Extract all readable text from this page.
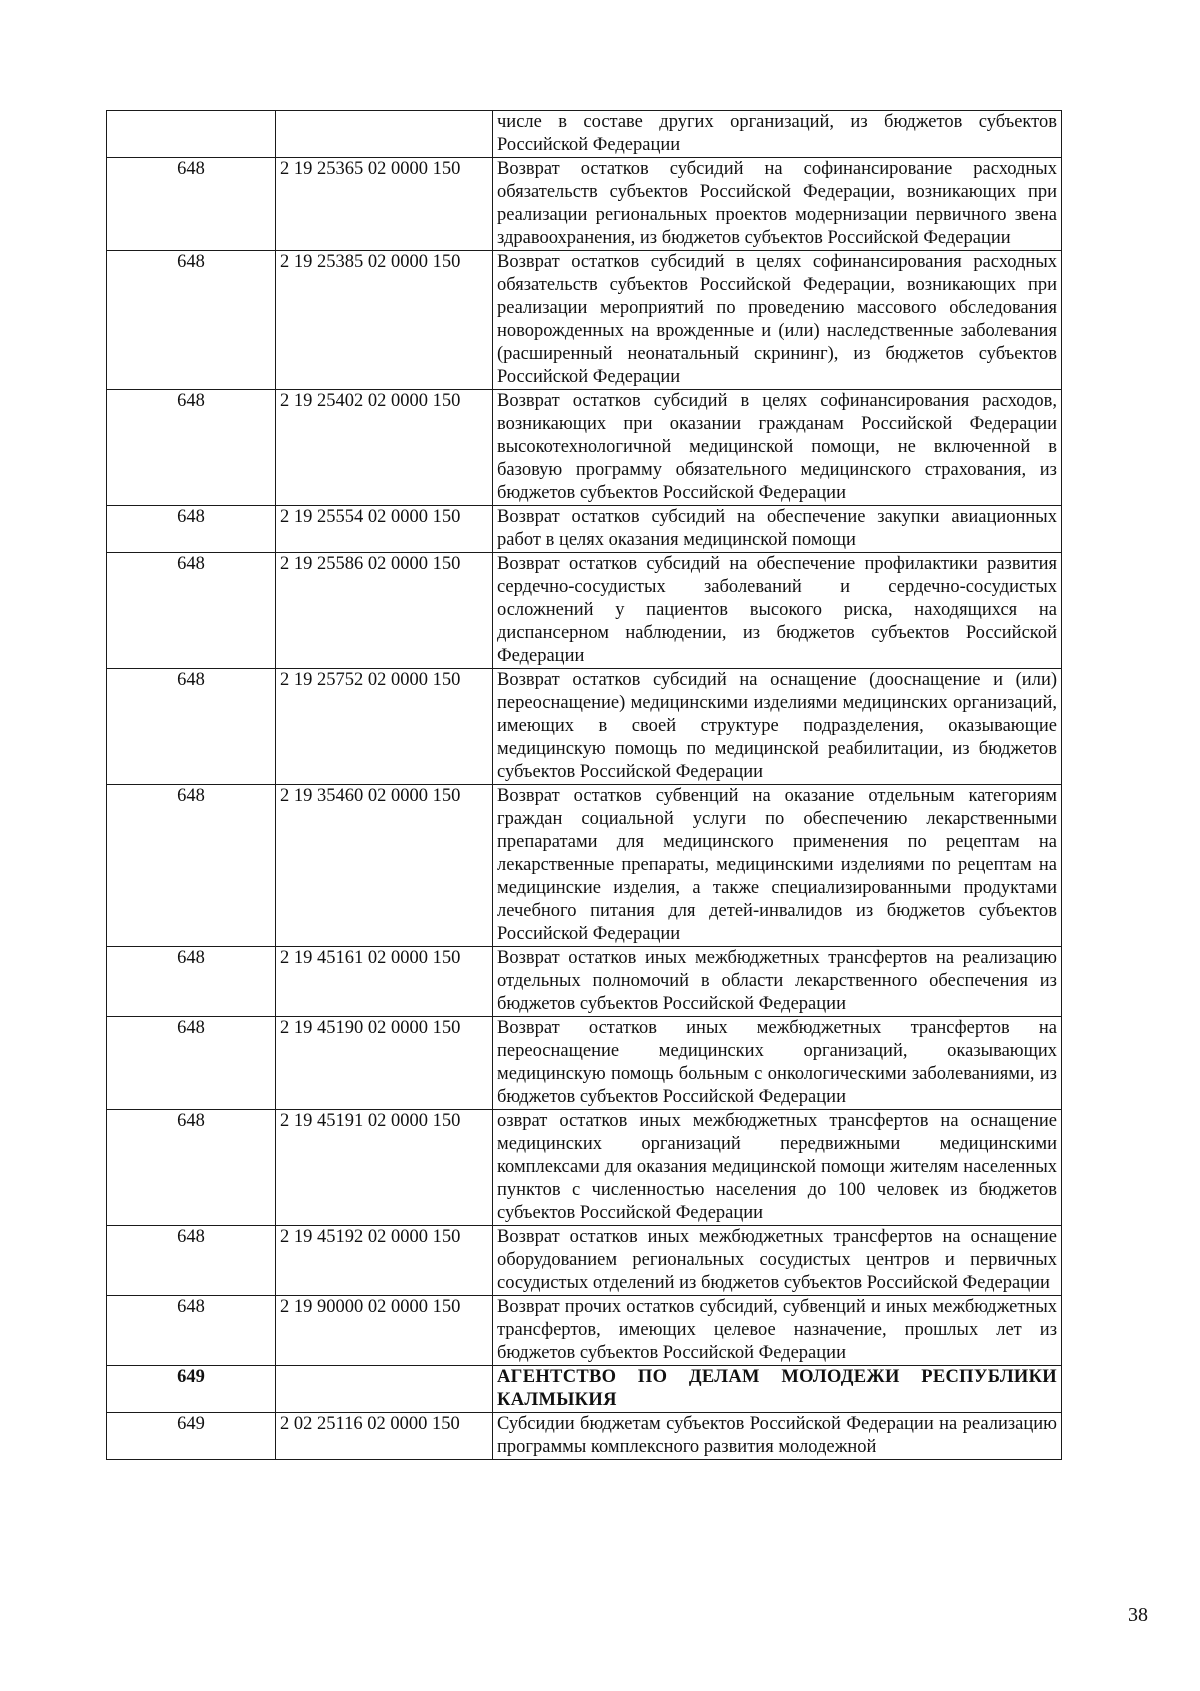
		числе в составе других организаций, из бюджетов субъектов Российской Федерации
648	2 19 25365 02 0000 150	Возврат остатков субсидий на софинансирование расходных обязательств субъектов Российской Федерации, возникающих при реализации региональных проектов модернизации первичного звена здравоохранения, из бюджетов субъектов Российской Федерации
648	2 19 25385 02 0000 150	Возврат остатков субсидий в целях софинансирования расходных обязательств субъектов Российской Федерации, возникающих при реализации мероприятий по проведению массового обследования новорожденных на врожденные и (или) наследственные заболевания (расширенный неонатальный скрининг), из бюджетов субъектов Российской Федерации
648	2 19 25402 02 0000 150	Возврат остатков субсидий в целях софинансирования расходов, возникающих при оказании гражданам Российской Федерации высокотехнологичной медицинской помощи, не включенной в базовую программу обязательного медицинского страхования, из бюджетов субъектов Российской Федерации
648	2 19 25554 02 0000 150	Возврат остатков субсидий на обеспечение закупки авиационных работ в целях оказания медицинской помощи
648	2 19 25586 02 0000 150	Возврат остатков субсидий на обеспечение профилактики развития сердечно-сосудистых заболеваний и сердечно-сосудистых осложнений у пациентов высокого риска, находящихся на диспансерном наблюдении, из бюджетов субъектов Российской Федерации
648	2 19 25752 02 0000 150	Возврат остатков субсидий на оснащение (дооснащение и (или) переоснащение) медицинскими изделиями медицинских организаций, имеющих в своей структуре подразделения, оказывающие медицинскую помощь по медицинской реабилитации, из бюджетов субъектов Российской Федерации
648	2 19 35460 02 0000 150	Возврат остатков субвенций на оказание отдельным категориям граждан социальной услуги по обеспечению лекарственными препаратами для медицинского применения по рецептам на лекарственные препараты, медицинскими изделиями по рецептам на медицинские изделия, а также специализированными продуктами лечебного питания для детей-инвалидов из бюджетов субъектов Российской Федерации
648	2 19 45161 02 0000 150	Возврат остатков иных межбюджетных трансфертов на реализацию отдельных полномочий в области лекарственного обеспечения из бюджетов субъектов Российской Федерации
648	2 19 45190 02 0000 150	Возврат остатков иных межбюджетных трансфертов на переоснащение медицинских организаций, оказывающих медицинскую помощь больным с онкологическими заболеваниями, из бюджетов субъектов Российской Федерации
648	2 19 45191 02 0000 150	озврат остатков иных межбюджетных трансфертов на оснащение медицинских организаций передвижными медицинскими комплексами для оказания медицинской помощи жителям населенных пунктов с численностью населения до 100 человек из бюджетов субъектов Российской Федерации
648	2 19 45192 02 0000 150	Возврат остатков иных межбюджетных трансфертов на оснащение оборудованием региональных сосудистых центров и первичных сосудистых отделений из бюджетов субъектов Российской Федерации
648	2 19 90000 02 0000 150	Возврат прочих остатков субсидий, субвенций и иных межбюджетных трансфертов, имеющих целевое назначение, прошлых лет из бюджетов субъектов Российской Федерации
649		АГЕНТСТВО ПО ДЕЛАМ МОЛОДЕЖИ РЕСПУБЛИКИ КАЛМЫКИЯ
649	2 02 25116 02 0000 150	Субсидии бюджетам субъектов Российской Федерации на реализацию программы комплексного развития молодежной
38
